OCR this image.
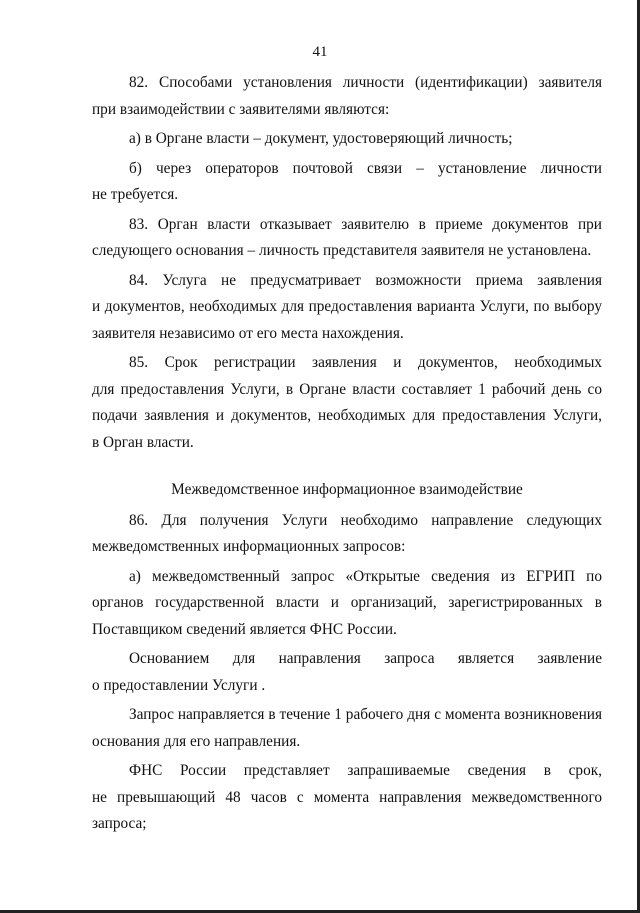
41
82. Способами установления личности (идентификации) заявителя
при взаимодействии с заявителями являются:
а) в Органе власти – документ, удостоверяющий личность;
б) через операторов почтовой связи – установление личности
не требуется.
83. Орган власти отказывает заявителю в приеме документов при
следующего основания – личность представителя заявителя не установлена.
84. Услуга не предусматривает возможности приема заявления
и документов, необходимых для предоставления варианта Услуги, по выбору
заявителя независимо от его места нахождения.
85. Срок регистрации заявления и документов, необходимых
для предоставления Услуги, в Органе власти составляет 1 рабочий день со
подачи заявления и документов, необходимых для предоставления Услуги,
в Орган власти.
Межведомственное информационное взаимодействие
86. Для получения Услуги необходимо направление следующих
межведомственных информационных запросов:
а) межведомственный запрос «Открытые сведения из ЕГРИП по
органов государственной власти и организаций, зарегистрированных в
Поставщиком сведений является ФНС России.
Основанием для направления запроса является заявление
о предоставлении Услуги .
Запрос направляется в течение 1 рабочего дня с момента возникновения
основания для его направления.
ФНС России представляет запрашиваемые сведения в срок,
не превышающий 48 часов с момента направления межведомственного
запроса;
